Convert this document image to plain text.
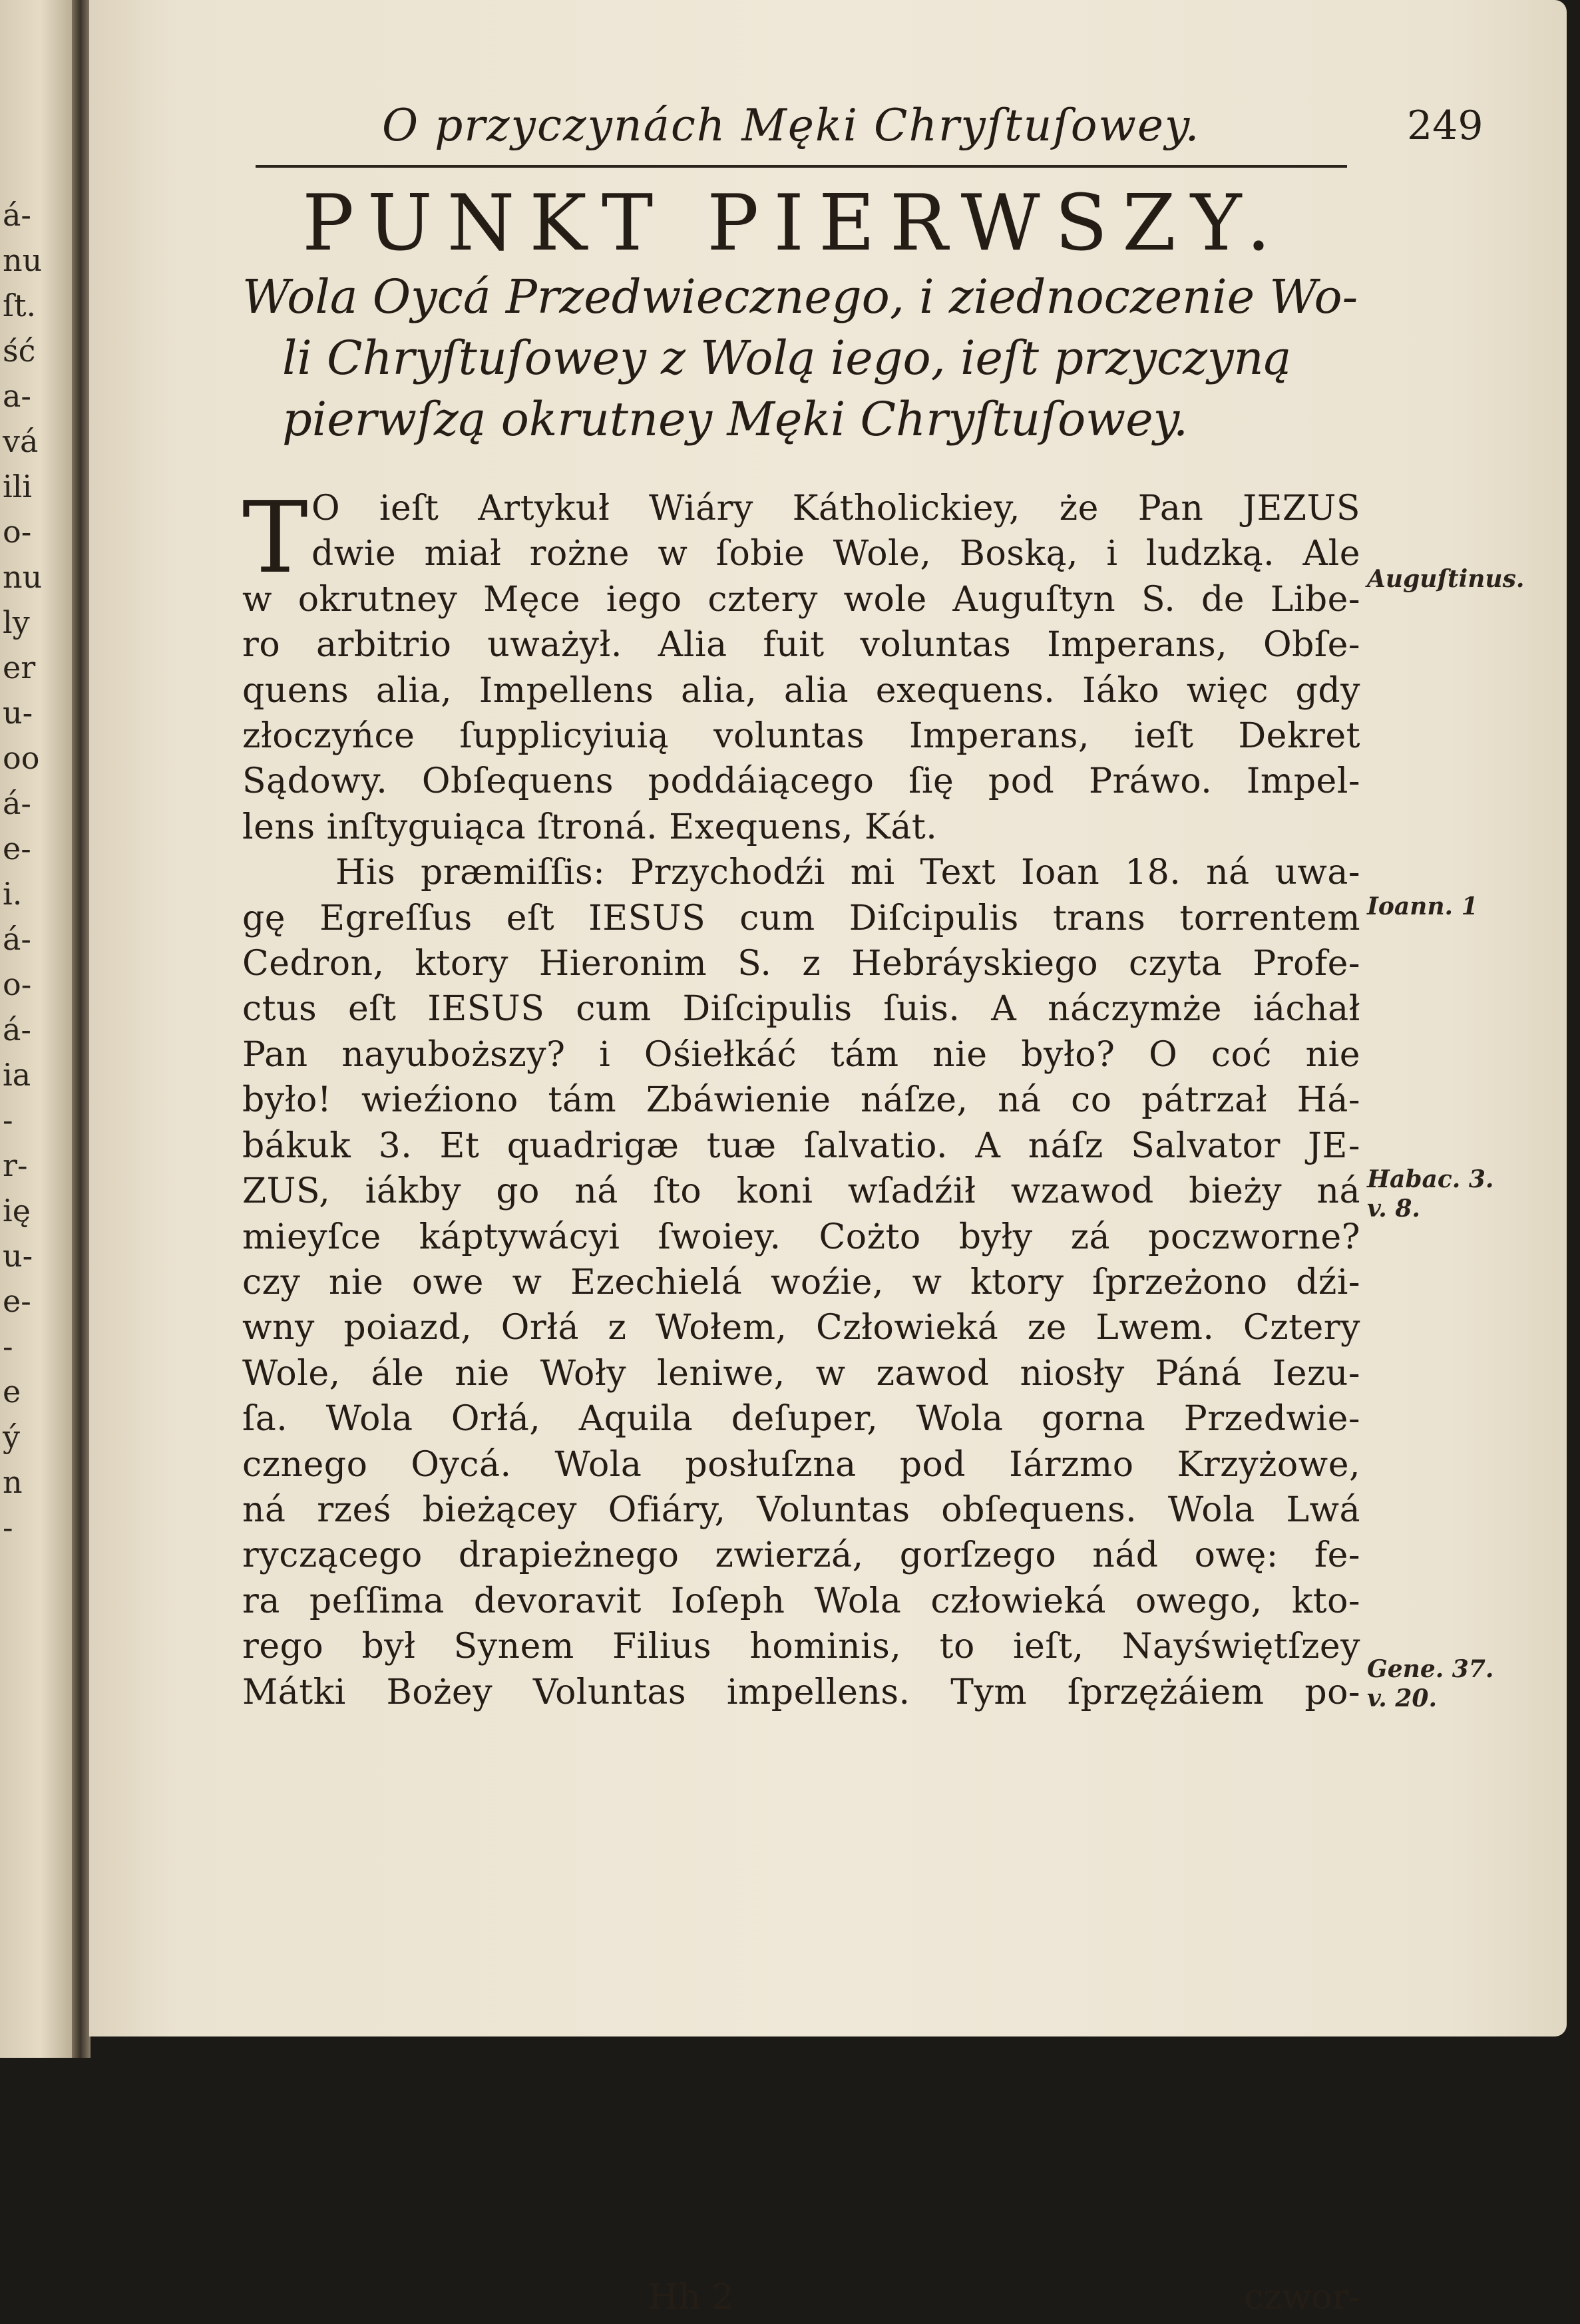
á-
nu
ſt.
ść
a-
vá
ili
o-
nu
ly
er
u-
oo
á-
e-
i.
á-
o-
á-
ia
-
r-
ię
u-
e-
-
e
ý
n
-
O przyczynách Męki Chryſtuſowey.	249
PUNKT PIERWSZY.
Wola Oycá Przedwiecznego, i ziednoczenie Wo-
li Chryſtuſowey z Wolą iego, ieſt przyczyną
pierwſzą okrutney Męki Chryſtuſowey.
T O ieſt Artykuł Wiáry Kátholickiey, że Pan JEZUS
dwie miał rożne w ſobie Wole, Boską, i ludzką. Ale
w okrutney Męce iego cztery wole Auguſtyn S. de Libe-
ro arbitrio uważył. Alia fuit voluntas Imperans, Obſe-
quens alia, Impellens alia, alia exequens. Iáko więc gdy
złoczyńce ſupplicyiuią voluntas Imperans, ieſt Dekret
Sądowy. Obſequens poddáiącego ſię pod Práwo. Impel-
lens inſtyguiąca ſtroná. Exequens, Kát.
His præmiſſis: Przychodźi mi Text Ioan 18. ná uwa-
gę Egreſſus eſt IESUS cum Diſcipulis trans torrentem
Cedron, ktory Hieronim S. z Hebráyskiego czyta Profe-
ctus eſt IESUS cum Diſcipulis ſuis. A náczymże iáchał
Pan nayuboższy? i Ośiełkáć tám nie było? O coć nie
było! wieźiono tám Zbáwienie náſze, ná co pátrzał Há-
bákuk 3. Et quadrigæ tuæ ſalvatio. A náſz Salvator JE-
ZUS, iákby go ná ſto koni wſadźił wzawod bieży ná
mieyſce káptywácyi ſwoiey. Cożto były zá poczworne?
czy nie owe w Ezechielá woźie, w ktory ſprzeżono dźi-
wny poiazd, Orłá z Wołem, Człowieká ze Lwem. Cztery
Wole, ále nie Woły leniwe, w zawod niosły Páná Iezu-
ſa. Wola Orłá, Aquila deſuper, Wola gorna Przedwie-
cznego Oycá. Wola posłuſzna pod Iárzmo Krzyżowe,
ná rześ bieżącey Ofiáry, Voluntas obſequens. Wola Lwá
ryczącego drapieżnego zwierzá, gorſzego nád owę: fe-
ra peſſima devoravit Ioſeph Wola człowieká owego, kto-
rego był Synem Filius hominis, to ieſt, Nayświętſzey
Mátki Bożey Voluntas impellens. Tym ſprzężáiem po-
Hh 2	czwor-
Auguſtinus.
Ioann. 1
Habac. 3. v. 8.
Gene. 37. v. 20.
